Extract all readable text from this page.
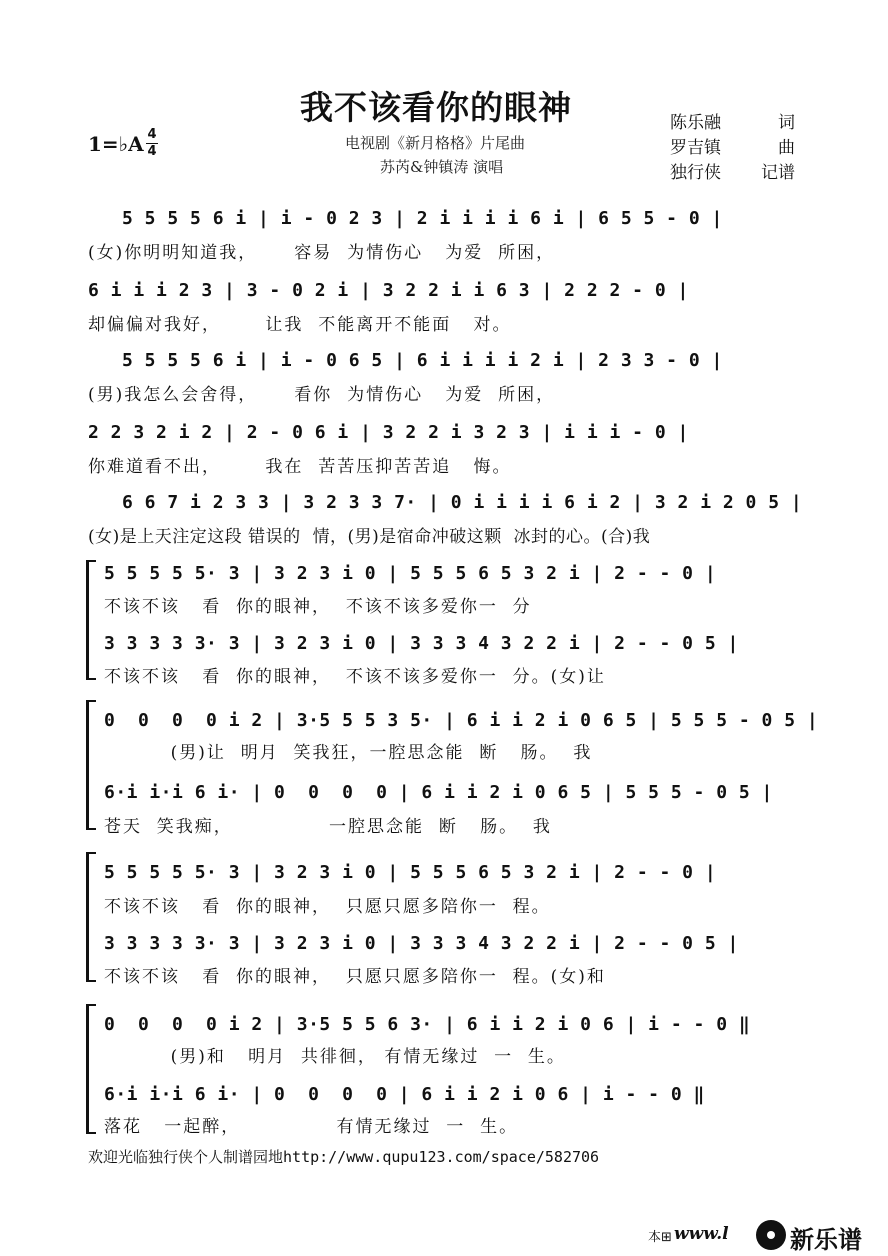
我不该看你的眼神
电视剧《新月格格》片尾曲
苏芮&钟镇涛 演唱
陈乐融	词
罗吉镇	曲
独行侠 记谱
1=♭A 4
4
5 5 5 5 6 i | i - 0 2 3 | 2 i i i i 6 i | 6 5 5 - 0 |
(女)你明明知道我，     容易  为情伤心   为爱  所困，
6 i i i 2 3 | 3 - 0 2 i | 3 2 2 i i 6 3 | 2 2 2 - 0 |
却偏偏对我好，      让我  不能离开不能面   对。
5 5 5 5 6 i | i - 0 6 5 | 6 i i i i 2 i | 2 3 3 - 0 |
(男)我怎么会舍得，     看你  为情伤心   为爱  所困，
2 2 3 2 i 2 | 2 - 0 6 i | 3 2 2 i 3 2 3 | i i i - 0 |
你难道看不出，      我在  苦苦压抑苦苦追   悔。
6 6 7 i 2 3 3 | 3 2 3 3 7· | 0 i i i i 6 i 2 | 3 2 i 2 0 5 |
(女)是上天注定这段 错误的  情，(男)是宿命冲破这颗  冰封的心。(合)我
5 5 5 5 5· 3 | 3 2 3 i 0 | 5 5 5 6 5 3 2 i | 2 - - 0 |
不该不该   看  你的眼神，  不该不该多爱你一  分
3 3 3 3 3· 3 | 3 2 3 i 0 | 3 3 3 4 3 2 2 i | 2 - - 0 5 |
不该不该   看  你的眼神，  不该不该多爱你一  分。(女)让
0  0  0  0 i 2 | 3·5 5 5 3 5· | 6 i i 2 i 0 6 5 | 5 5 5 - 0 5 |
(男)让  明月  笑我狂，一腔思念能  断   肠。  我
6·i i·i 6 i· | 0  0  0  0 | 6 i i 2 i 0 6 5 | 5 5 5 - 0 5 |
苍天  笑我痴，             一腔思念能  断   肠。  我
5 5 5 5 5· 3 | 3 2 3 i 0 | 5 5 5 6 5 3 2 i | 2 - - 0 |
不该不该   看  你的眼神，  只愿只愿多陪你一  程。
3 3 3 3 3· 3 | 3 2 3 i 0 | 3 3 3 4 3 2 2 i | 2 - - 0 5 |
不该不该   看  你的眼神，  只愿只愿多陪你一  程。(女)和
0  0  0  0 i 2 | 3·5 5 5 6 3· | 6 i i 2 i 0 6 | i - - 0 ‖
(男)和   明月  共徘徊， 有情无缘过  一  生。
6·i i·i 6 i· | 0  0  0  0 | 6 i i 2 i 0 6 | i - - 0 ‖
落花   一起醉，             有情无缘过  一  生。
欢迎光临独行侠个人制谱园地http://www.qupu123.com/space/582706
本⊞ www.l	新乐谱
